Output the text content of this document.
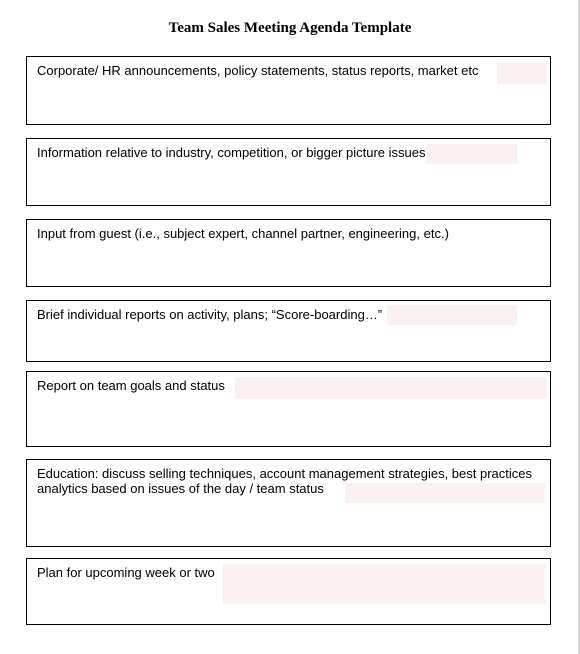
Team Sales Meeting Agenda Template
Corporate/ HR announcements, policy statements, status reports, market etc
Information relative to industry, competition, or bigger picture issues
Input from guest (i.e., subject expert, channel partner, engineering, etc.)
Brief individual reports on activity, plans; “Score-boarding…”
Report on team goals and status
Education: discuss selling techniques, account management strategies, best practices
analytics based on issues of the day / team status
Plan for upcoming week or two
